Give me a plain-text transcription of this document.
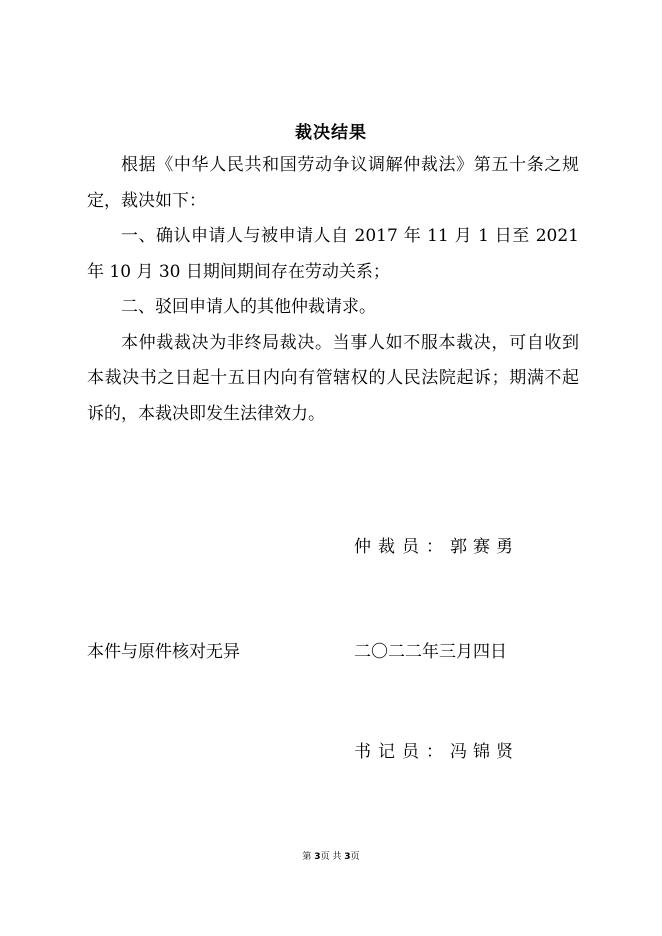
裁决结果

根据《中华人民共和国劳动争议调解仲裁法》第五十条之规定，裁决如下：

一、确认申请人与被申请人自 2017 年 11 月 1 日至 2021 年 10 月 30 日期间期间存在劳动关系；

二、驳回申请人的其他仲裁请求。

本仲裁裁决为非终局裁决。当事人如不服本裁决，可自收到本裁决书之日起十五日内向有管辖权的人民法院起诉；期满不起诉的，本裁决即发生法律效力。

仲裁员：郭赛勇
本件与原件核对无异	二〇二二年三月四日
书记员：冯锦贤
第 3页 共 3页
